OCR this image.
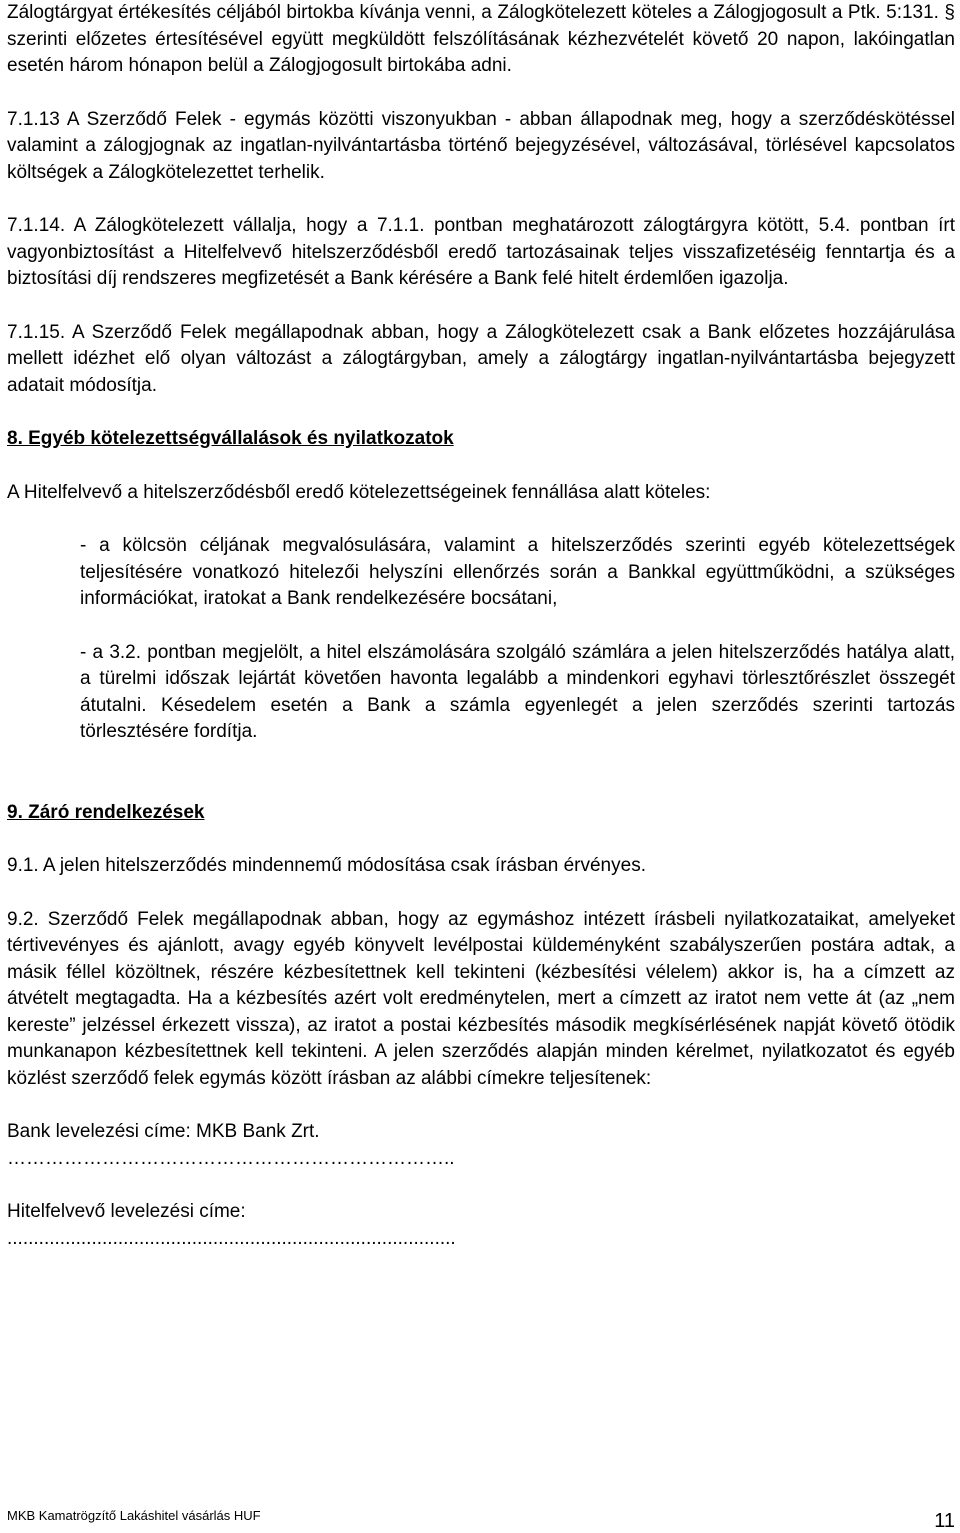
Zálogtárgyat értékesítés céljából birtokba kívánja venni, a Zálogkötelezett köteles a Zálogjogosult a Ptk. 5:131. § szerinti előzetes értesítésével együtt megküldött felszólításának kézhezvételét követő 20 napon, lakóingatlan esetén három hónapon belül a Zálogjogosult birtokába adni.

7.1.13 A Szerződő Felek - egymás közötti viszonyukban - abban állapodnak meg, hogy a szerződéskötéssel valamint a zálogjognak az ingatlan-nyilvántartásba történő bejegyzésével, változásával, törlésével kapcsolatos költségek a Zálogkötelezettet terhelik.

7.1.14. A Zálogkötelezett vállalja, hogy a 7.1.1. pontban meghatározott zálogtárgyra kötött, 5.4. pontban írt vagyonbiztosítást a Hitelfelvevő hitelszerződésből eredő tartozásainak teljes visszafizetéséig fenntartja és a biztosítási díj rendszeres megfizetését a Bank kérésére a Bank felé hitelt érdemlően igazolja.

7.1.15. A Szerződő Felek megállapodnak abban, hogy a Zálogkötelezett csak a Bank előzetes hozzájárulása mellett idézhet elő olyan változást a zálogtárgyban, amely a zálogtárgy ingatlan-nyilvántartásba bejegyzett adatait módosítja.

8. Egyéb kötelezettségvállalások és nyilatkozatok

A Hitelfelvevő a hitelszerződésből eredő kötelezettségeinek fennállása alatt köteles:

- a kölcsön céljának megvalósulására, valamint a hitelszerződés szerinti egyéb kötelezettségek teljesítésére vonatkozó hitelezői helyszíni ellenőrzés során a Bankkal együttműködni, a szükséges információkat, iratokat a Bank rendelkezésére bocsátani,

- a 3.2. pontban megjelölt, a hitel elszámolására szolgáló számlára a jelen hitelszerződés hatálya alatt, a türelmi időszak lejártát követően havonta legalább a mindenkori egyhavi törlesztőrészlet összegét átutalni. Késedelem esetén a Bank a számla egyenlegét a jelen szerződés szerinti tartozás törlesztésére fordítja.

9. Záró rendelkezések

9.1. A jelen hitelszerződés mindennemű módosítása csak írásban érvényes.

9.2. Szerződő Felek megállapodnak abban, hogy az egymáshoz intézett írásbeli nyilatkozataikat, amelyeket tértivevényes és ajánlott, avagy egyéb könyvelt levélpostai küldeményként szabályszerűen postára adtak, a másik féllel közöltnek, részére kézbesítettnek kell tekinteni (kézbesítési vélelem) akkor is, ha a címzett az átvételt megtagadta. Ha a kézbesítés azért volt eredménytelen, mert a címzett az iratot nem vette át (az „nem kereste” jelzéssel érkezett vissza), az iratot a postai kézbesítés második megkísérlésének napját követő ötödik munkanapon kézbesítettnek kell tekinteni. A jelen szerződés alapján minden kérelmet, nyilatkozatot és egyéb közlést szerződő felek egymás között írásban az alábbi címekre teljesítenek:

Bank levelezési címe: MKB Bank Zrt.

……………………………………………………………..

Hitelfelvevő levelezési címe:

.....................................................................................

MKB Kamatrögzítő Lakáshitel vásárlás HUF	11
